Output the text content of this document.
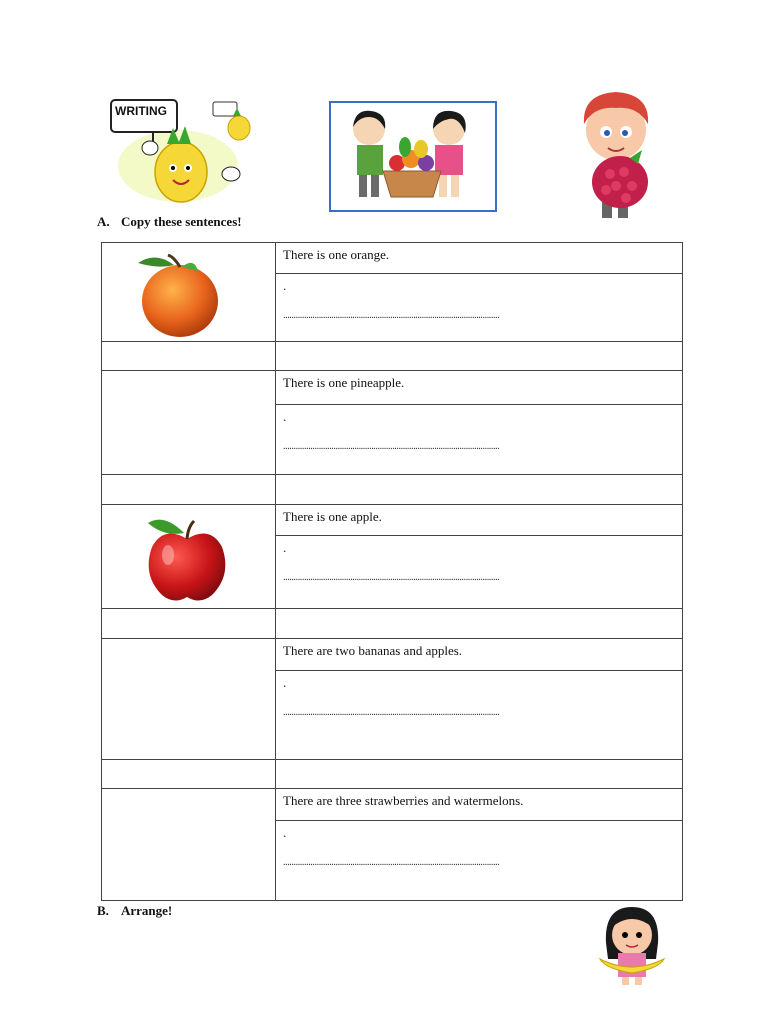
WRITING
A. Copy these sentences!
	There is one orange.
	.
.......................................................................................................

	There is one pineapple.
	.
.......................................................................................................

	There is one apple.
	.
.......................................................................................................

	There are two bananas and apples.
	.
.......................................................................................................

	There are three strawberries and watermelons.
	.
.......................................................................................................
B. Arrange!
